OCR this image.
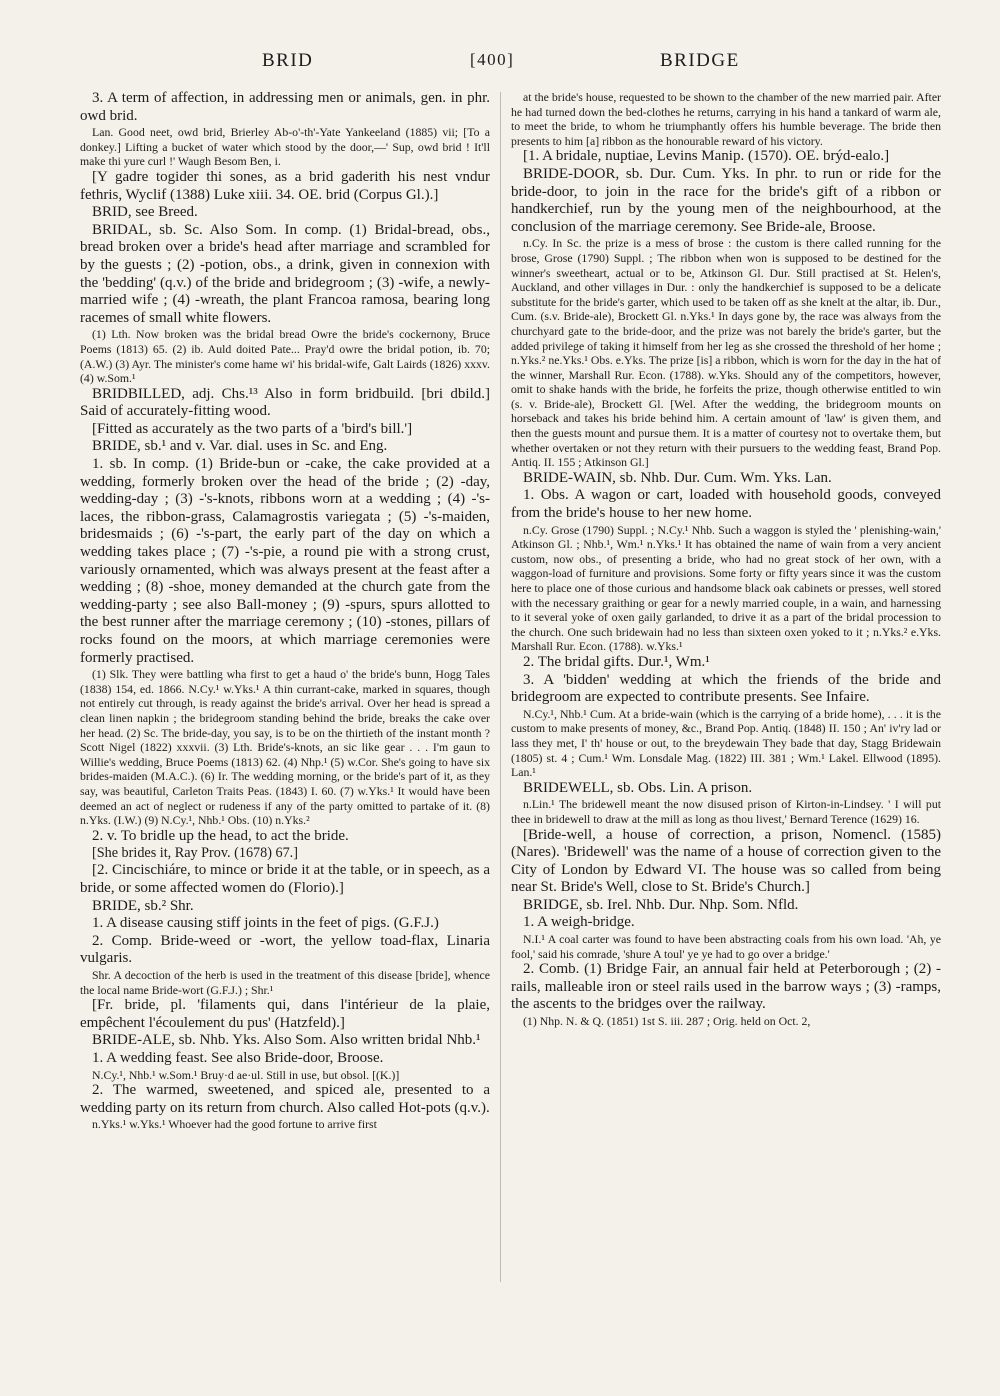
BRID	[400]	BRIDGE

3. A term of affection, in addressing men or animals, gen. in phr. owd brid.

Lan. Good neet, owd brid, Brierley Ab-o'-th'-Yate Yankeeland (1885) vii; [To a donkey.] Lifting a bucket of water which stood by the door,—' Sup, owd brid ! It'll make thi yure curl !' Waugh Besom Ben, i.

[Y gadre togider thi sones, as a brid gaderith his nest vndur fethris, Wyclif (1388) Luke xiii. 34. OE. brid (Corpus Gl.).]

BRID, see Breed.

BRIDAL, sb. Sc. Also Som. In comp. (1) Bridal-bread, obs., bread broken over a bride's head after marriage and scrambled for by the guests ; (2) -potion, obs., a drink, given in connexion with the 'bedding' (q.v.) of the bride and bridegroom ; (3) -wife, a newly-married wife ; (4) -wreath, the plant Francoa ramosa, bearing long racemes of small white flowers.

(1) Lth. Now broken was the bridal bread Owre the bride's cockernony, Bruce Poems (1813) 65. (2) ib. Auld doited Pate... Pray'd owre the bridal potion, ib. 70; (A.W.) (3) Ayr. The minister's come hame wi' his bridal-wife, Galt Lairds (1826) xxxv. (4) w.Som.¹

BRIDBILLED, adj. Chs.¹³ Also in form bridbuild. [bri dbild.] Said of accurately-fitting wood.

[Fitted as accurately as the two parts of a 'bird's bill.']

BRIDE, sb.¹ and v. Var. dial. uses in Sc. and Eng.

1. sb. In comp. (1) Bride-bun or -cake, the cake provided at a wedding, formerly broken over the head of the bride ; (2) -day, wedding-day ; (3) -'s-knots, ribbons worn at a wedding ; (4) -'s-laces, the ribbon-grass, Calamagrostis variegata ; (5) -'s-maiden, bridesmaids ; (6) -'s-part, the early part of the day on which a wedding takes place ; (7) -'s-pie, a round pie with a strong crust, variously ornamented, which was always present at the feast after a wedding ; (8) -shoe, money demanded at the church gate from the wedding-party ; see also Ball-money ; (9) -spurs, spurs allotted to the best runner after the marriage ceremony ; (10) -stones, pillars of rocks found on the moors, at which marriage ceremonies were formerly practised.

(1) Slk. They were battling wha first to get a haud o' the bride's bunn, Hogg Tales (1838) 154, ed. 1866. N.Cy.¹ w.Yks.¹ A thin currant-cake, marked in squares, though not entirely cut through, is ready against the bride's arrival. Over her head is spread a clean linen napkin ; the bridegroom standing behind the bride, breaks the cake over her head. (2) Sc. The bride-day, you say, is to be on the thirtieth of the instant month ? Scott Nigel (1822) xxxvii. (3) Lth. Bride's-knots, an sic like gear . . . I'm gaun to Willie's wedding, Bruce Poems (1813) 62. (4) Nhp.¹ (5) w.Cor. She's going to have six brides-maiden (M.A.C.). (6) Ir. The wedding morning, or the bride's part of it, as they say, was beautiful, Carleton Traits Peas. (1843) I. 60. (7) w.Yks.¹ It would have been deemed an act of neglect or rudeness if any of the party omitted to partake of it. (8) n.Yks. (I.W.) (9) N.Cy.¹, Nhb.¹ Obs. (10) n.Yks.²

2. v. To bridle up the head, to act the bride.

[She brides it, Ray Prov. (1678) 67.]

[2. Cincischiáre, to mince or bride it at the table, or in speech, as a bride, or some affected women do (Florio).]

BRIDE, sb.² Shr.

1. A disease causing stiff joints in the feet of pigs. (G.F.J.)

2. Comp. Bride-weed or -wort, the yellow toad-flax, Linaria vulgaris.

Shr. A decoction of the herb is used in the treatment of this disease [bride], whence the local name Bride-wort (G.F.J.) ; Shr.¹

[Fr. bride, pl. 'filaments qui, dans l'intérieur de la plaie, empêchent l'écoulement du pus' (Hatzfeld).]

BRIDE-ALE, sb. Nhb. Yks. Also Som. Also written bridal Nhb.¹

1. A wedding feast. See also Bride-door, Broose.

N.Cy.¹, Nhb.¹ w.Som.¹ Bruy·d ae·ul. Still in use, but obsol. [(K.)]

2. The warmed, sweetened, and spiced ale, presented to a wedding party on its return from church. Also called Hot-pots (q.v.).

n.Yks.¹ w.Yks.¹ Whoever had the good fortune to arrive first

at the bride's house, requested to be shown to the chamber of the new married pair. After he had turned down the bed-clothes he returns, carrying in his hand a tankard of warm ale, to meet the bride, to whom he triumphantly offers his humble beverage. The bride then presents to him [a] ribbon as the honourable reward of his victory.

[1. A bridale, nuptiae, Levins Manip. (1570). OE. brýd-ealo.]

BRIDE-DOOR, sb. Dur. Cum. Yks. In phr. to run or ride for the bride-door, to join in the race for the bride's gift of a ribbon or handkerchief, run by the young men of the neighbourhood, at the conclusion of the marriage ceremony. See Bride-ale, Broose.

n.Cy. In Sc. the prize is a mess of brose : the custom is there called running for the brose, Grose (1790) Suppl. ; The ribbon when won is supposed to be destined for the winner's sweetheart, actual or to be, Atkinson Gl. Dur. Still practised at St. Helen's, Auckland, and other villages in Dur. : only the handkerchief is supposed to be a delicate substitute for the bride's garter, which used to be taken off as she knelt at the altar, ib. Dur., Cum. (s.v. Bride-ale), Brockett Gl. n.Yks.¹ In days gone by, the race was always from the churchyard gate to the bride-door, and the prize was not barely the bride's garter, but the added privilege of taking it himself from her leg as she crossed the threshold of her home ; n.Yks.² ne.Yks.¹ Obs. e.Yks. The prize [is] a ribbon, which is worn for the day in the hat of the winner, Marshall Rur. Econ. (1788). w.Yks. Should any of the competitors, however, omit to shake hands with the bride, he forfeits the prize, though otherwise entitled to win (s. v. Bride-ale), Brockett Gl. [Wel. After the wedding, the bridegroom mounts on horseback and takes his bride behind him. A certain amount of 'law' is given them, and then the guests mount and pursue them. It is a matter of courtesy not to overtake them, but whether overtaken or not they return with their pursuers to the wedding feast, Brand Pop. Antiq. II. 155 ; Atkinson Gl.]

BRIDE-WAIN, sb. Nhb. Dur. Cum. Wm. Yks. Lan.

1. Obs. A wagon or cart, loaded with household goods, conveyed from the bride's house to her new home.

n.Cy. Grose (1790) Suppl. ; N.Cy.¹ Nhb. Such a waggon is styled the ' plenishing-wain,' Atkinson Gl. ; Nhb.¹, Wm.¹ n.Yks.¹ It has obtained the name of wain from a very ancient custom, now obs., of presenting a bride, who had no great stock of her own, with a waggon-load of furniture and provisions. Some forty or fifty years since it was the custom here to place one of those curious and handsome black oak cabinets or presses, well stored with the necessary graithing or gear for a newly married couple, in a wain, and harnessing to it several yoke of oxen gaily garlanded, to drive it as a part of the bridal procession to the church. One such bridewain had no less than sixteen oxen yoked to it ; n.Yks.² e.Yks. Marshall Rur. Econ. (1788). w.Yks.¹

2. The bridal gifts. Dur.¹, Wm.¹

3. A 'bidden' wedding at which the friends of the bride and bridegroom are expected to contribute presents. See Infaire.

N.Cy.¹, Nhb.¹ Cum. At a bride-wain (which is the carrying of a bride home), . . . it is the custom to make presents of money, &c., Brand Pop. Antiq. (1848) II. 150 ; An' iv'ry lad or lass they met, I' th' house or out, to the breydewain They bade that day, Stagg Bridewain (1805) st. 4 ; Cum.¹ Wm. Lonsdale Mag. (1822) III. 381 ; Wm.¹ Lakel. Ellwood (1895). Lan.¹

BRIDEWELL, sb. Obs. Lin. A prison.

n.Lin.¹ The bridewell meant the now disused prison of Kirton-in-Lindsey. ' I will put thee in bridewell to draw at the mill as long as thou livest,' Bernard Terence (1629) 16.

[Bride-well, a house of correction, a prison, Nomencl. (1585) (Nares). 'Bridewell' was the name of a house of correction given to the City of London by Edward VI. The house was so called from being near St. Bride's Well, close to St. Bride's Church.]

BRIDGE, sb. Irel. Nhb. Dur. Nhp. Som. Nfld.

1. A weigh-bridge.

N.I.¹ A coal carter was found to have been abstracting coals from his own load. 'Ah, ye fool,' said his comrade, 'shure A toul' ye ye had to go over a bridge.'

2. Comb. (1) Bridge Fair, an annual fair held at Peterborough ; (2) -rails, malleable iron or steel rails used in the barrow ways ; (3) -ramps, the ascents to the bridges over the railway.

(1) Nhp. N. & Q. (1851) 1st S. iii. 287 ; Orig. held on Oct. 2,
